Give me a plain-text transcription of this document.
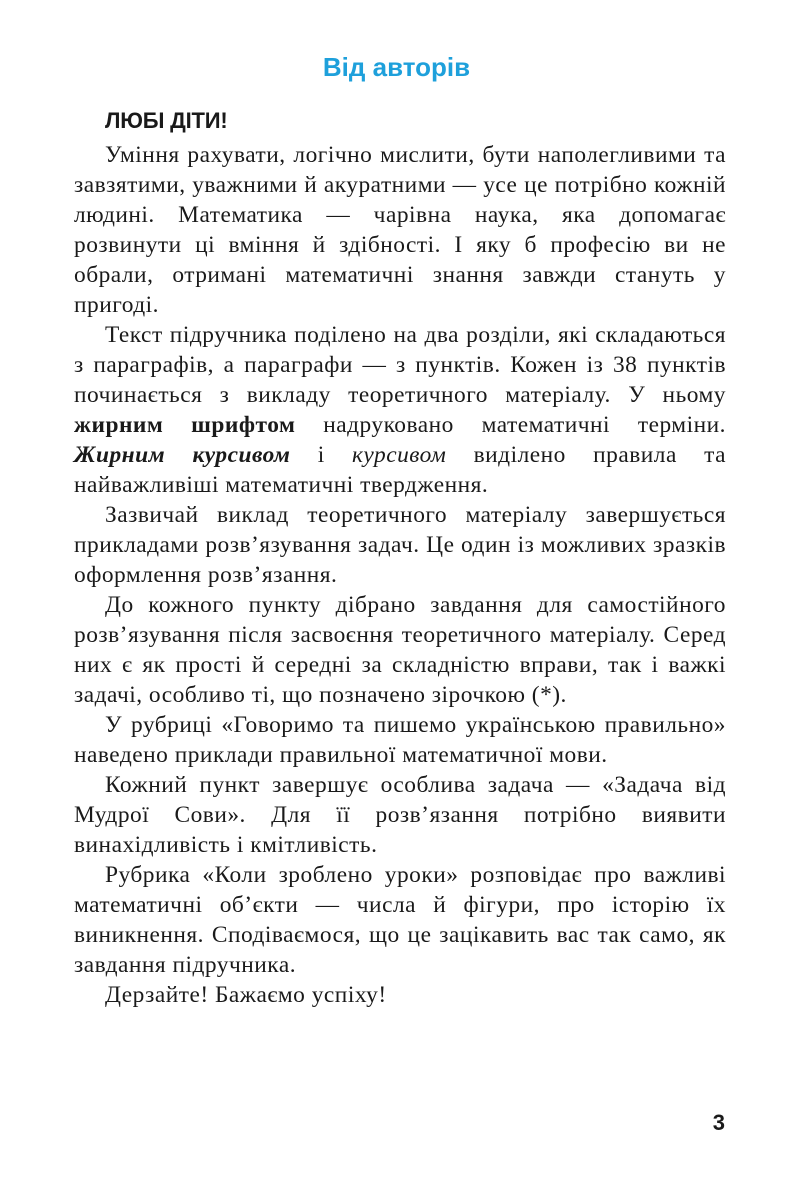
Від авторів
ЛЮБІ ДІТИ!

Уміння рахувати, логічно мислити, бути наполегливими та завзятими, уважними й акуратними — усе це потрібно кожній людині. Математика — чарівна наука, яка допомагає розвинути ці вміння й здібності. І яку б професію ви не обрали, отримані математичні знання завжди стануть у пригоді.

Текст підручника поділено на два розділи, які складаються з параграфів, а параграфи — з пунктів. Кожен із 38 пунктів починається з викладу теоретичного матеріалу. У ньому жирним шрифтом надруковано математичні терміни. Жирним курсивом і курсивом виділено правила та найважливіші математичні твердження.

Зазвичай виклад теоретичного матеріалу завершується прикладами розв’язування задач. Це один із можливих зразків оформлення розв’язання.

До кожного пункту дібрано завдання для самостійного розв’язування після засвоєння теоретичного матеріалу. Серед них є як прості й середні за складністю вправи, так і важкі задачі, особливо ті, що позначено зірочкою (*).

У рубриці «Говоримо та пишемо українською правильно» наведено приклади правильної математичної мови.

Кожний пункт завершує особлива задача — «Задача від Мудрої Сови». Для її розв’язання потрібно виявити винахідливість і кмітливість.

Рубрика «Коли зроблено уроки» розповідає про важливі математичні об’єкти — числа й фігури, про історію їх виникнення. Сподіваємося, що це зацікавить вас так само, як завдання підручника.

Дерзайте! Бажаємо успіху!

3
